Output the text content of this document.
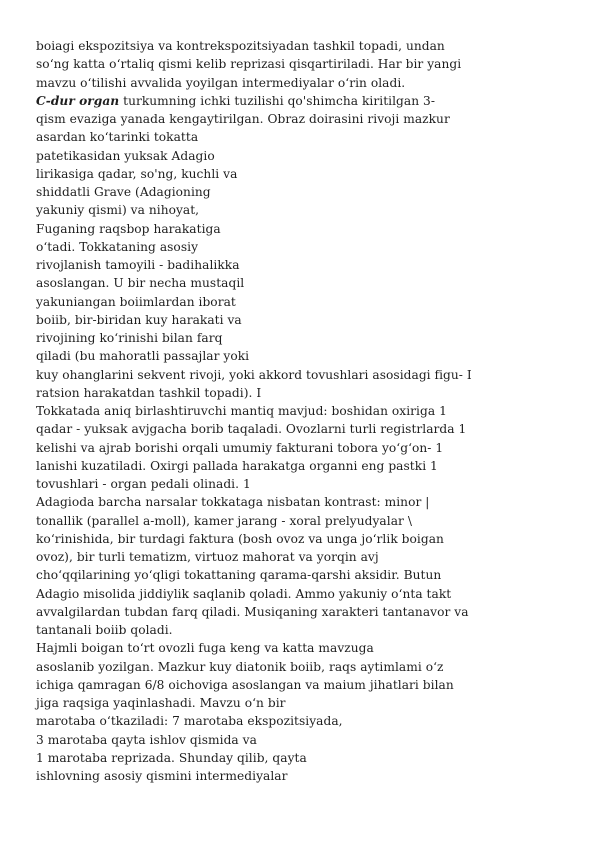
boiagi ekspozitsiya va kontrekspozitsiyadan tashkil topadi, undan
so‘ng katta o‘rtaliq qismi kelib reprizasi qisqartiriladi. Har bir yangi
mavzu o‘tilishi avvalida yoyilgan intermediyalar o‘rin oladi.
C-dur organ turkumning ichki tuzilishi qo'shimcha kiritilgan 3-
qism evaziga yanada kengaytirilgan. Obraz doirasini rivoji mazkur
asardan ko‘tarinki tokatta
patetikasidan yuksak Adagio
lirikasiga qadar, so'ng, kuchli va
shiddatli Grave (Adagioning
yakuniy qismi) va nihoyat,
Fuganing raqsbop harakatiga
o‘tadi. Tokkataning asosiy
rivojlanish tamoyili - badihalikka
asoslangan. U bir necha mustaqil
yakuniangan boiimlardan iborat
boiib, bir-biridan kuy harakati va
rivojining ko‘rinishi bilan farq
qiladi (bu mahoratli passajlar yoki
kuy ohanglarini sekvent rivoji, yoki akkord tovushlari asosidagi figu- I
ratsion harakatdan tashkil topadi). I
Tokkatada aniq birlashtiruvchi mantiq mavjud: boshidan oxiriga 1
qadar - yuksak avjgacha borib taqaladi. Ovozlarni turli registrlarda 1
kelishi va ajrab borishi orqali umumiy fakturani tobora yo‘g‘on- 1
lanishi kuzatiladi. Oxirgi pallada harakatga organni eng pastki 1
tovushlari - organ pedali olinadi. 1
Adagioda barcha narsalar tokkataga nisbatan kontrast: minor |
tonallik (parallel a-moll), kamer jarang - xoral prelyudyalar \
ko‘rinishida, bir turdagi faktura (bosh ovoz va unga jo‘rlik boigan
ovoz), bir turli tematizm, virtuoz mahorat va yorqin avj
cho‘qqilarining yo‘qligi tokattaning qarama-qarshi aksidir. Butun
Adagio misolida jiddiylik saqlanib qoladi. Ammo yakuniy o‘nta takt
avvalgilardan tubdan farq qiladi. Musiqaning xarakteri tantanavor va
tantanali boiib qoladi.
Hajmli boigan to‘rt ovozli fuga keng va katta mavzuga
asoslanib yozilgan. Mazkur kuy diatonik boiib, raqs aytimlami o‘z
ichiga qamragan 6/8 oichoviga asoslangan va maium jihatlari bilan
jiga raqsiga yaqinlashadi. Mavzu o‘n bir
marotaba o‘tkaziladi: 7 marotaba ekspozitsiyada,
3 marotaba qayta ishlov qismida va
1 marotaba reprizada. Shunday qilib, qayta
ishlovning asosiy qismini intermediyalar
